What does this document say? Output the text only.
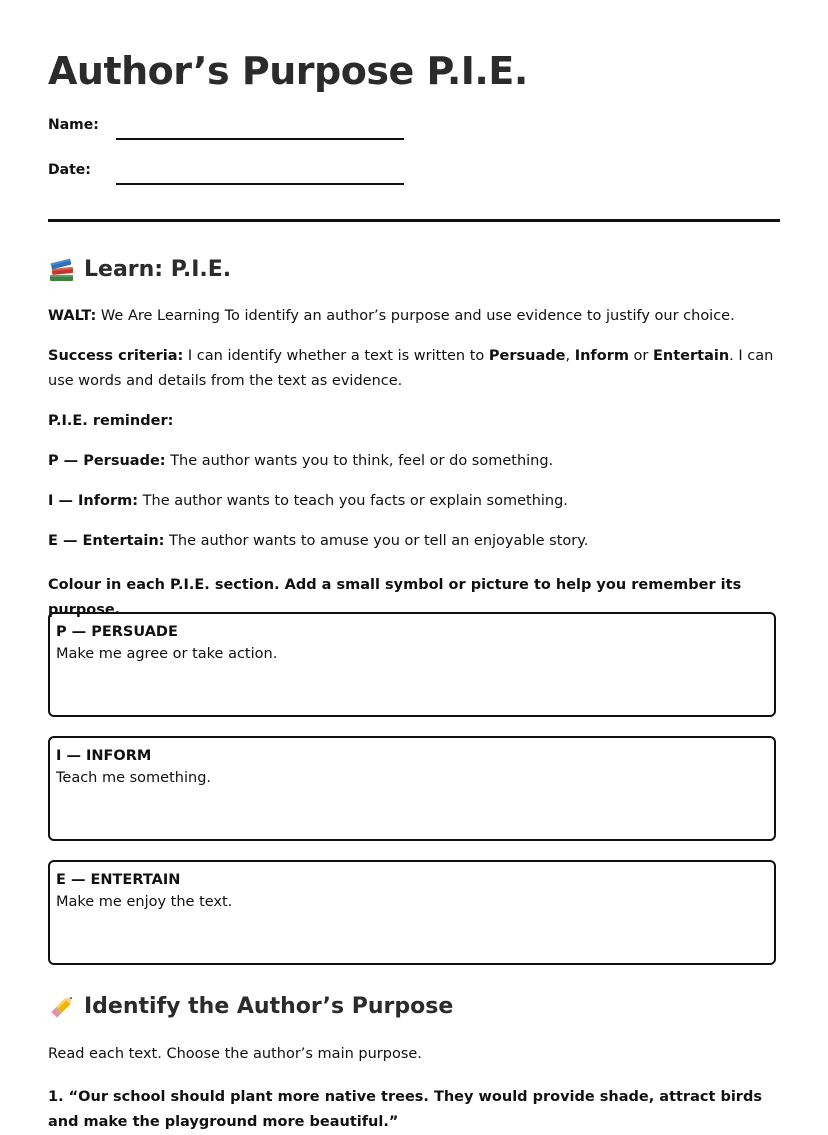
Author’s Purpose P.I.E.
Name:
Date:
Learn: P.I.E.

WALT: We Are Learning To identify an author’s purpose and use evidence to justify our choice.

Success criteria: I can identify whether a text is written to Persuade, Inform or Entertain. I can use words and details from the text as evidence.

P.I.E. reminder:

P — Persuade: The author wants you to think, feel or do something.

I — Inform: The author wants to teach you facts or explain something.

E — Entertain: The author wants to amuse you or tell an enjoyable story.

Colour in each P.I.E. section. Add a small symbol or picture to help you remember its purpose.

P — PERSUADE
Make me agree or take action.
I — INFORM
Teach me something.
E — ENTERTAIN
Make me enjoy the text.
Identify the Author’s Purpose

Read each text. Choose the author’s main purpose.

1. “Our school should plant more native trees. They would provide shade, attract birds and make the playground more beautiful.”
